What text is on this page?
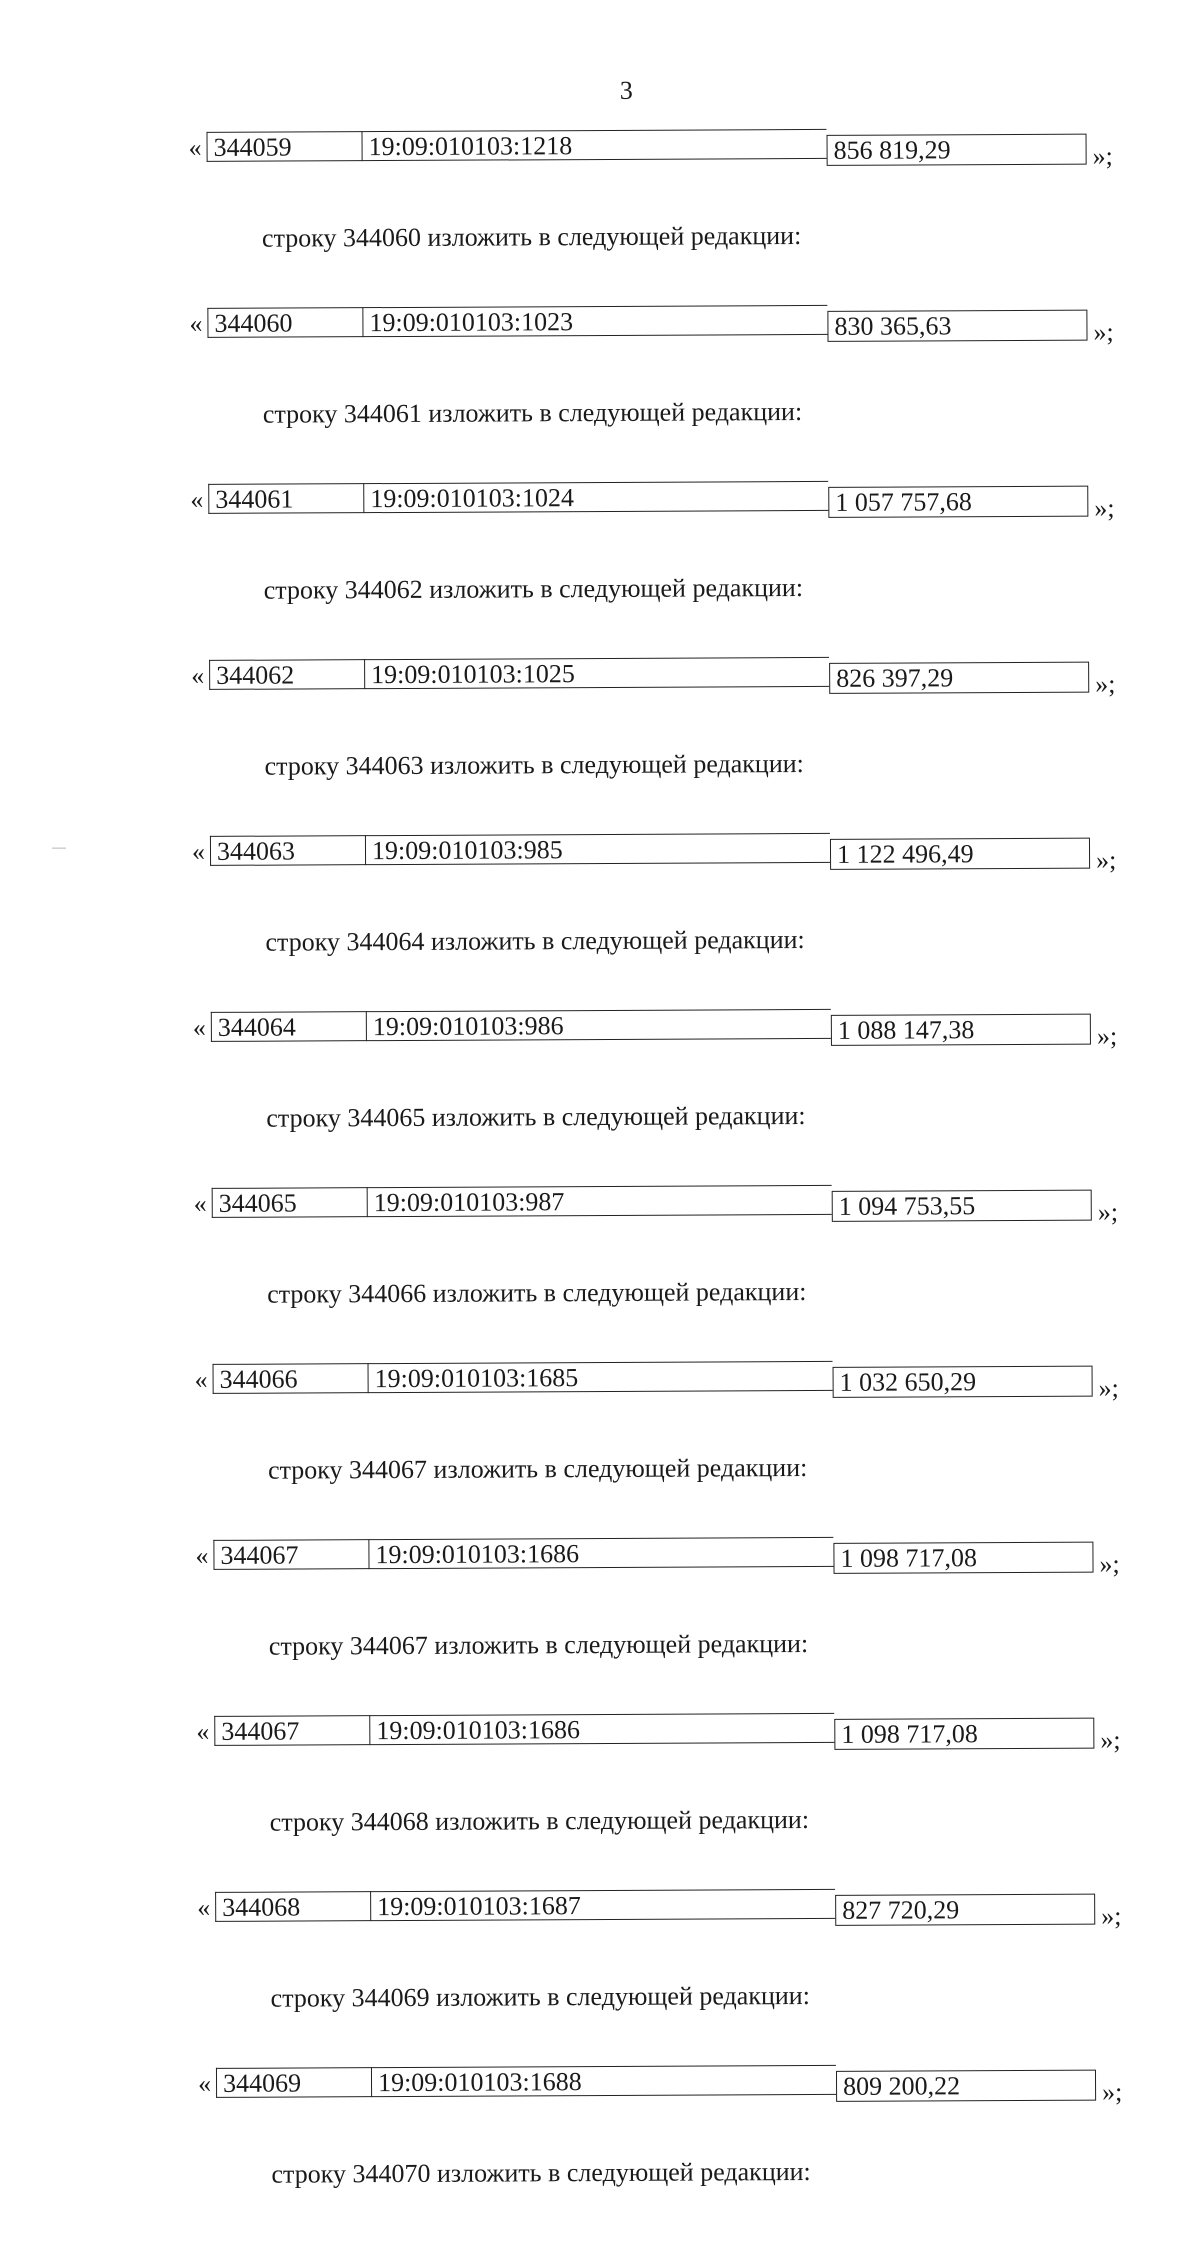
3
« 344059	19:09:010103:1218	856 819,29	»;
строку 344060 изложить в следующей редакции:
« 344060	19:09:010103:1023	830 365,63	»;
строку 344061 изложить в следующей редакции:
« 344061	19:09:010103:1024	1 057 757,68	»;
строку 344062 изложить в следующей редакции:
« 344062	19:09:010103:1025	826 397,29	»;
строку 344063 изложить в следующей редакции:
« 344063	19:09:010103:985	1 122 496,49	»;
строку 344064 изложить в следующей редакции:
« 344064	19:09:010103:986	1 088 147,38	»;
строку 344065 изложить в следующей редакции:
« 344065	19:09:010103:987	1 094 753,55	»;
строку 344066 изложить в следующей редакции:
« 344066	19:09:010103:1685	1 032 650,29	»;
строку 344067 изложить в следующей редакции:
« 344067	19:09:010103:1686	1 098 717,08	»;
строку 344067 изложить в следующей редакции:
« 344067	19:09:010103:1686	1 098 717,08	»;
строку 344068 изложить в следующей редакции:
« 344068	19:09:010103:1687	827 720,29	»;
строку 344069 изложить в следующей редакции:
« 344069	19:09:010103:1688	809 200,22	»;
строку 344070 изложить в следующей редакции:
